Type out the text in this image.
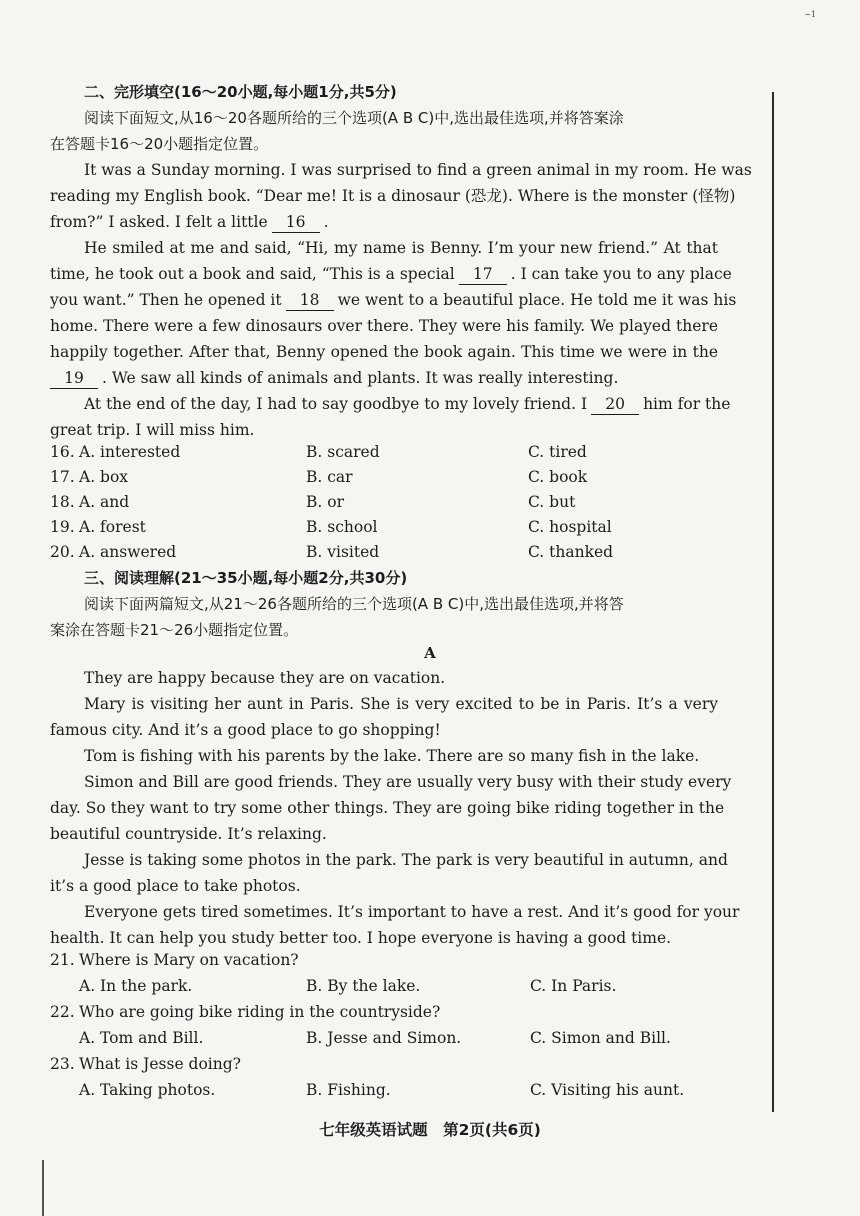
~1
二、完形填空(16～20小题,每小题1分,共5分)
阅读下面短文,从16～20各题所给的三个选项(A B C)中,选出最佳选项,并将答案涂
在答题卡16～20小题指定位置。
It was a Sunday morning. I was surprised to find a green animal in my room. He was
reading my English book. “Dear me! It is a dinosaur (恐龙). Where is the monster (怪物)
from?” I asked. I felt a little 16 .
He smiled at me and said, “Hi, my name is Benny. I’m your new friend.” At that
time, he took out a book and said, “This is a special 17 . I can take you to any place
you want.” Then he opened it 18 we went to a beautiful place. He told me it was his
home. There were a few dinosaurs over there. They were his family. We played there
happily together. After that, Benny opened the book again. This time we were in the
19 . We saw all kinds of animals and plants. It was really interesting.
At the end of the day, I had to say goodbye to my lovely friend. I 20 him for the
great trip. I will miss him.
16. A. interested	B. scared	C. tired
17. A. box	B. car	C. book
18. A. and	B. or	C. but
19. A. forest	B. school	C. hospital
20. A. answered	B. visited	C. thanked
三、阅读理解(21～35小题,每小题2分,共30分)
阅读下面两篇短文,从21～26各题所给的三个选项(A B C)中,选出最佳选项,并将答
案涂在答题卡21～26小题指定位置。
A
They are happy because they are on vacation.
Mary is visiting her aunt in Paris. She is very excited to be in Paris. It’s a very
famous city. And it’s a good place to go shopping!
Tom is fishing with his parents by the lake. There are so many fish in the lake.
Simon and Bill are good friends. They are usually very busy with their study every
day. So they want to try some other things. They are going bike riding together in the
beautiful countryside. It’s relaxing.
Jesse is taking some photos in the park. The park is very beautiful in autumn, and
it’s a good place to take photos.
Everyone gets tired sometimes. It’s important to have a rest. And it’s good for your
health. It can help you study better too. I hope everyone is having a good time.
21. Where is Mary on vacation?
A. In the park.	B. By the lake.	C. In Paris.
22. Who are going bike riding in the countryside?
A. Tom and Bill.	B. Jesse and Simon.	C. Simon and Bill.
23. What is Jesse doing?
A. Taking photos.	B. Fishing.	C. Visiting his aunt.
七年级英语试题　第2页(共6页)
